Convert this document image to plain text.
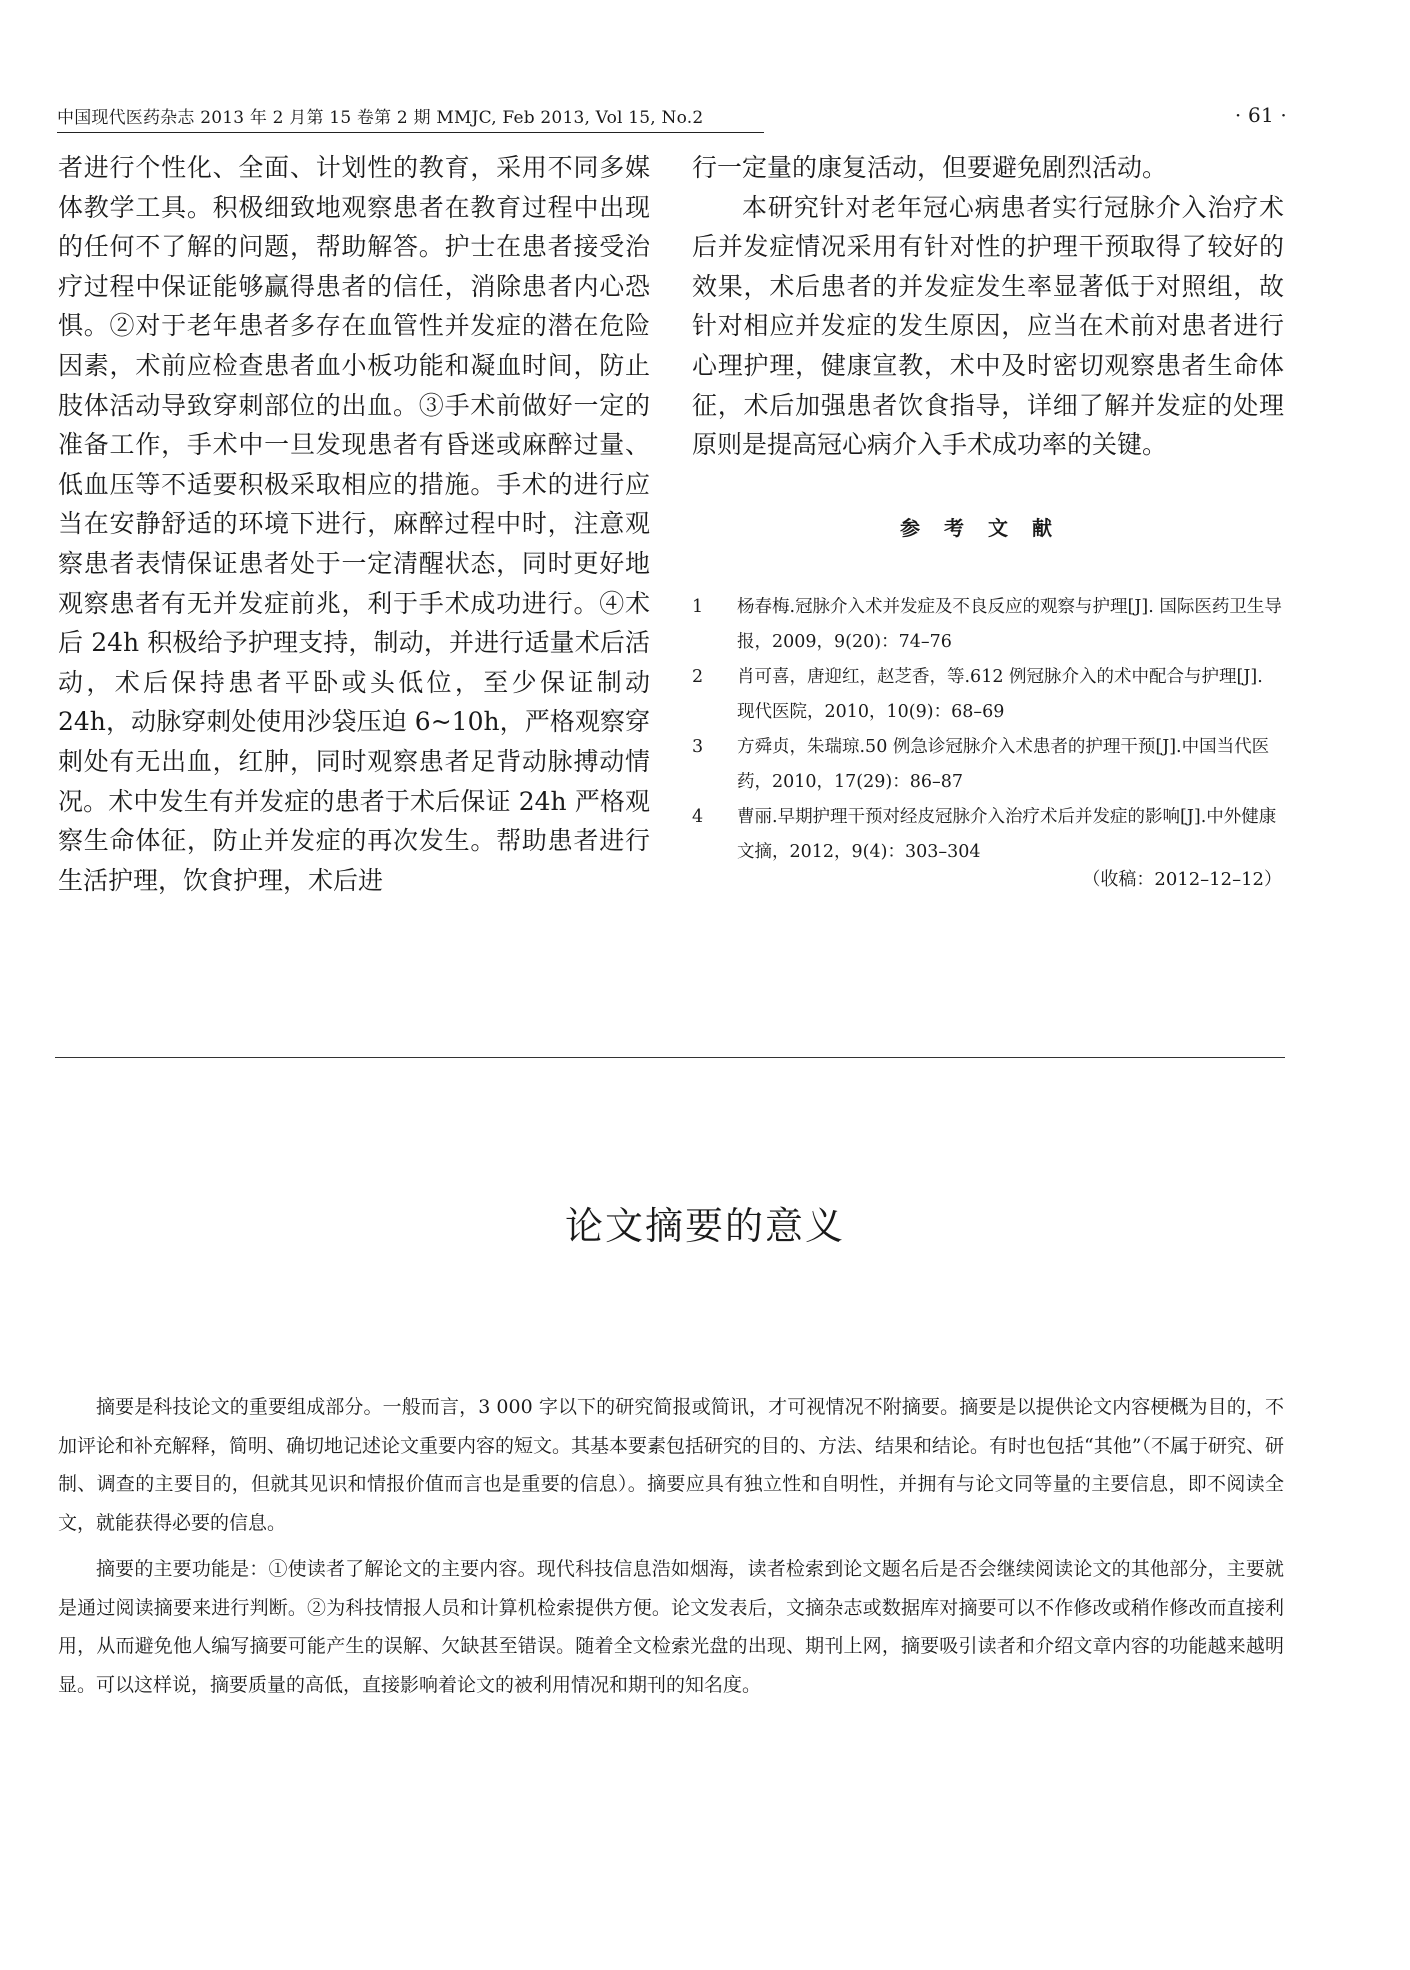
中国现代医药杂志 2013 年 2 月第 15 卷第 2 期 MMJC, Feb 2013, Vol 15, No.2	· 61 ·

者进行个性化、全面、计划性的教育，采用不同多媒体教学工具。积极细致地观察患者在教育过程中出现的任何不了解的问题，帮助解答。护士在患者接受治疗过程中保证能够赢得患者的信任，消除患者内心恐惧。②对于老年患者多存在血管性并发症的潜在危险因素，术前应检查患者血小板功能和凝血时间，防止肢体活动导致穿刺部位的出血。③手术前做好一定的准备工作，手术中一旦发现患者有昏迷或麻醉过量、低血压等不适要积极采取相应的措施。手术的进行应当在安静舒适的环境下进行，麻醉过程中时，注意观察患者表情保证患者处于一定清醒状态，同时更好地观察患者有无并发症前兆，利于手术成功进行。④术后 24h 积极给予护理支持，制动，并进行适量术后活动，术后保持患者平卧或头低位，至少保证制动24h，动脉穿刺处使用沙袋压迫 6~10h，严格观察穿刺处有无出血，红肿，同时观察患者足背动脉搏动情况。术中发生有并发症的患者于术后保证 24h 严格观察生命体征，防止并发症的再次发生。帮助患者进行生活护理，饮食护理，术后进

行一定量的康复活动，但要避免剧烈活动。

本研究针对老年冠心病患者实行冠脉介入治疗术后并发症情况采用有针对性的护理干预取得了较好的效果，术后患者的并发症发生率显著低于对照组，故针对相应并发症的发生原因，应当在术前对患者进行心理护理，健康宣教，术中及时密切观察患者生命体征，术后加强患者饮食指导，详细了解并发症的处理原则是提高冠心病介入手术成功率的关键。

参考文献
1 杨春梅.冠脉介入术并发症及不良反应的观察与护理[J]. 国际医药卫生导报，2009，9(20)：74–76
2 肖可喜，唐迎红，赵芝香，等.612 例冠脉介入的术中配合与护理[J]. 现代医院，2010，10(9)：68–69
3 方舜贞，朱瑞琼.50 例急诊冠脉介入术患者的护理干预[J].中国当代医药，2010，17(29)：86–87
4 曹丽.早期护理干预对经皮冠脉介入治疗术后并发症的影响[J].中外健康文摘，2012，9(4)：303–304
（收稿：2012–12–12）
论文摘要的意义

摘要是科技论文的重要组成部分。一般而言，3 000 字以下的研究简报或简讯，才可视情况不附摘要。摘要是以提供论文内容梗概为目的，不加评论和补充解释，简明、确切地记述论文重要内容的短文。其基本要素包括研究的目的、方法、结果和结论。有时也包括“其他”（不属于研究、研制、调查的主要目的，但就其见识和情报价值而言也是重要的信息）。摘要应具有独立性和自明性，并拥有与论文同等量的主要信息，即不阅读全文，就能获得必要的信息。

摘要的主要功能是：①使读者了解论文的主要内容。现代科技信息浩如烟海，读者检索到论文题名后是否会继续阅读论文的其他部分，主要就是通过阅读摘要来进行判断。②为科技情报人员和计算机检索提供方便。论文发表后，文摘杂志或数据库对摘要可以不作修改或稍作修改而直接利用，从而避免他人编写摘要可能产生的误解、欠缺甚至错误。随着全文检索光盘的出现、期刊上网，摘要吸引读者和介绍文章内容的功能越来越明显。可以这样说，摘要质量的高低，直接影响着论文的被利用情况和期刊的知名度。
